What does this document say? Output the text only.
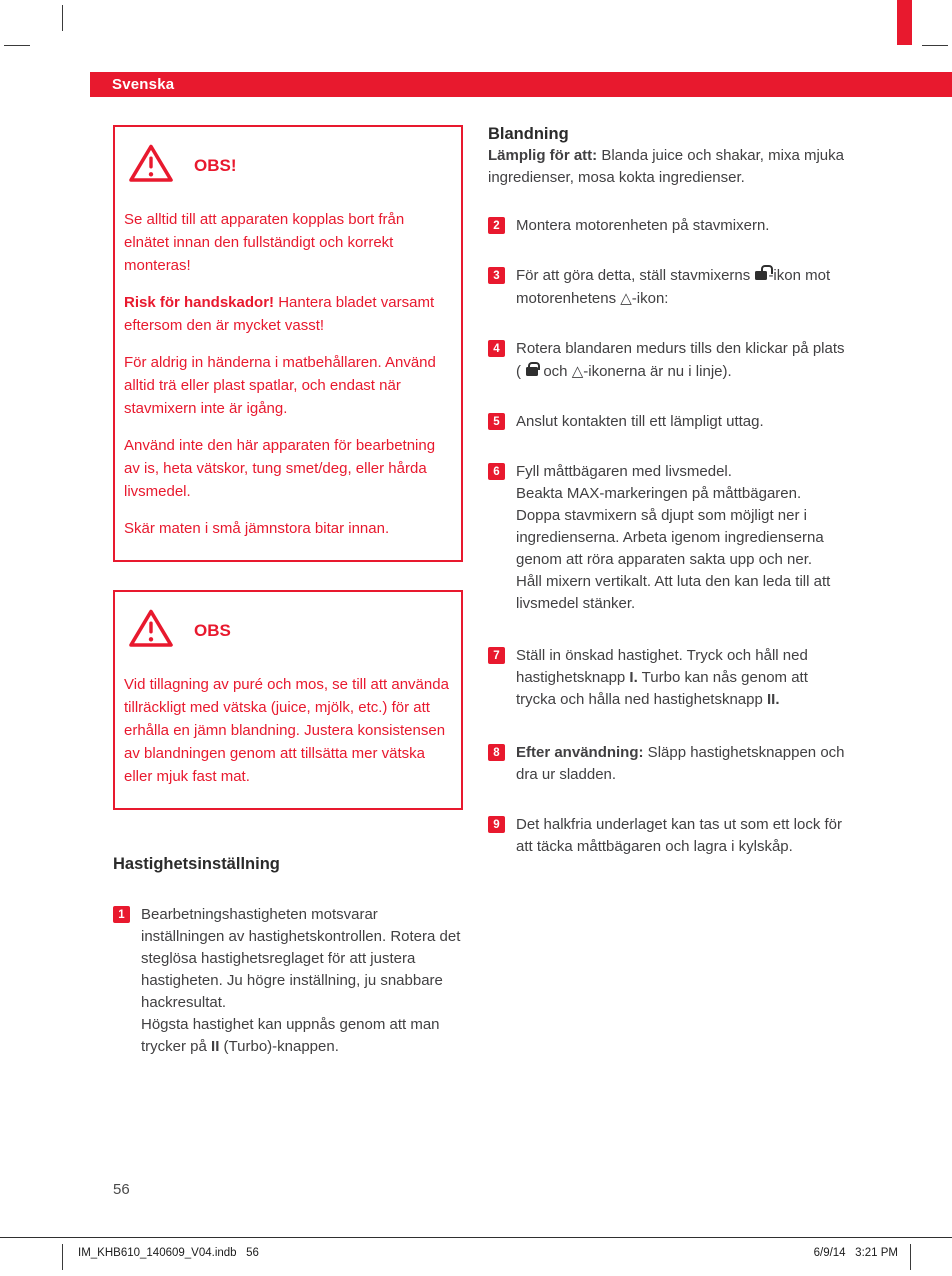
Svenska
OBS!

Se alltid till att apparaten kopplas bort från elnätet innan den fullständigt och korrekt monteras!

Risk för handskador! Hantera bladet varsamt eftersom den är mycket vasst!

För aldrig in händerna i matbehållaren. Använd alltid trä eller plast spatlar, och endast när stavmixern inte är igång.

Använd inte den här apparaten för bearbetning av is, heta vätskor, tung smet/deg, eller hårda livsmedel.

Skär maten i små jämnstora bitar innan.

OBS

Vid tillagning av puré och mos, se till att använda tillräckligt med vätska (juice, mjölk, etc.) för att erhålla en jämn blandning. Justera konsistensen av blandningen genom att tillsätta mer vätska eller mjuk fast mat.

Hastighetsinställning
1	Bearbetningshastigheten motsvarar inställningen av hastighetskontrollen. Rotera det steglösa hastighetsreglaget för att justera hastigheten. Ju högre inställning, ju snabbare hackresultat.
Högsta hastighet kan uppnås genom att man trycker på II (Turbo)-knappen.
Blandning

Lämplig för att: Blanda juice och shakar, mixa mjuka ingredienser, mosa kokta ingredienser.

2	Montera motorenheten på stavmixern.
3	För att göra detta, ställ stavmixerns -ikon mot motorenhetens △-ikon:
4	Rotera blandaren medurs tills den klickar på plats (  och △-ikonerna är nu i linje).
5	Anslut kontakten till ett lämpligt uttag.
6	Fyll måttbägaren med livsmedel.
Beakta MAX-markeringen på måttbägaren.
Doppa stavmixern så djupt som möjligt ner i ingredienserna. Arbeta igenom ingredienserna genom att röra apparaten sakta upp och ner.
Håll mixern vertikalt. Att luta den kan leda till att livsmedel stänker.
7	Ställ in önskad hastighet. Tryck och håll ned hastighetsknapp I. Turbo kan nås genom att trycka och hålla ned hastighetsknapp II.
8	Efter användning: Släpp hastighetsknappen och dra ur sladden.
9	Det halkfria underlaget kan tas ut som ett lock för att täcka måttbägaren och lagra i kylskåp.
56
IM_KHB610_140609_V04.indb   56	6/9/14   3:21 PM
